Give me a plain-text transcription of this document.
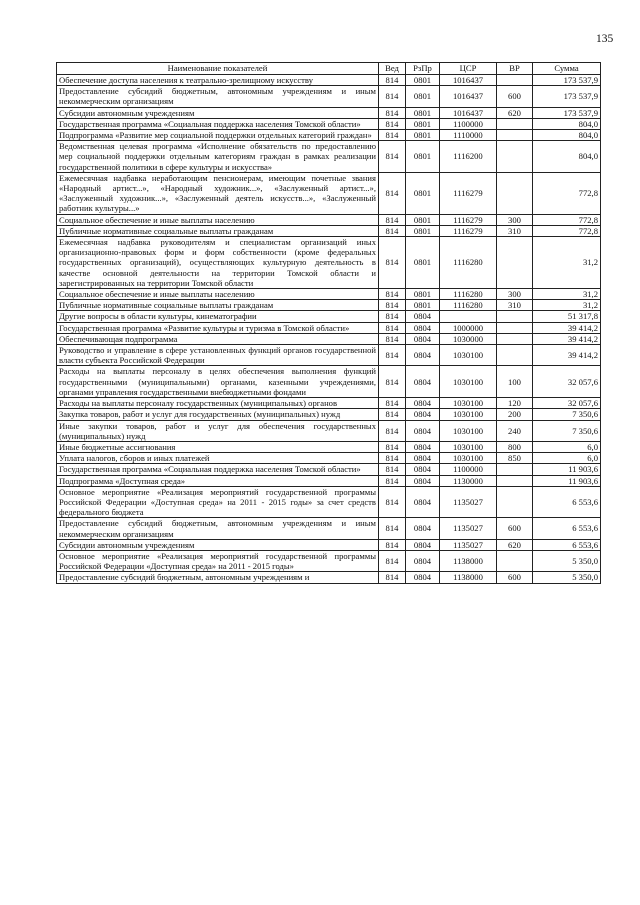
135
Наименование показателей	Вед	РзПр	ЦСР	ВР	Сумма
Обеспечение доступа населения к театрально-зрелищному искусству	814	0801	1016437		173 537,9
Предоставление субсидий бюджетным, автономным учреждениям и иным некоммерческим организациям	814	0801	1016437	600	173 537,9
Субсидии автономным учреждениям	814	0801	1016437	620	173 537,9
Государственная программа «Социальная поддержка населения Томской области»	814	0801	1100000		804,0
Подпрограмма «Развитие мер социальной поддержки отдельных категорий граждан»	814	0801	1110000		804,0
Ведомственная целевая программа «Исполнение обязательств по предоставлению мер социальной поддержки отдельным категориям граждан в рамках реализации государственной политики в сфере культуры и искусства»	814	0801	1116200		804,0
Ежемесячная надбавка неработающим пенсионерам, имеющим почетные звания «Народный артист...», «Народный художник...», «Заслуженный артист...», «Заслуженный художник...», «Заслуженный деятель искусств...», «Заслуженный работник культуры...»	814	0801	1116279		772,8
Социальное обеспечение и иные выплаты населению	814	0801	1116279	300	772,8
Публичные нормативные социальные выплаты гражданам	814	0801	1116279	310	772,8
Ежемесячная надбавка руководителям и специалистам организаций иных организационно-правовых форм и форм собственности (кроме федеральных государственных организаций), осуществляющих культурную деятельность в качестве основной деятельности на территории Томской области и зарегистрированных на территории Томской области	814	0801	1116280		31,2
Социальное обеспечение и иные выплаты населению	814	0801	1116280	300	31,2
Публичные нормативные социальные выплаты гражданам	814	0801	1116280	310	31,2
Другие вопросы в области культуры, кинематографии	814	0804			51 317,8
Государственная программа «Развитие культуры и туризма в Томской области»	814	0804	1000000		39 414,2
Обеспечивающая подпрограмма	814	0804	1030000		39 414,2
Руководство и управление в сфере установленных функций органов государственной власти субъекта Российской Федерации	814	0804	1030100		39 414,2
Расходы на выплаты персоналу в целях обеспечения выполнения функций государственными (муниципальными) органами, казенными учреждениями, органами управления государственными внебюджетными фондами	814	0804	1030100	100	32 057,6
Расходы на выплаты персоналу государственных (муниципальных) органов	814	0804	1030100	120	32 057,6
Закупка товаров, работ и услуг для государственных (муниципальных) нужд	814	0804	1030100	200	7 350,6
Иные закупки товаров, работ и услуг для обеспечения государственных (муниципальных) нужд	814	0804	1030100	240	7 350,6
Иные бюджетные ассигнования	814	0804	1030100	800	6,0
Уплата налогов, сборов и иных платежей	814	0804	1030100	850	6,0
Государственная программа «Социальная поддержка населения Томской области»	814	0804	1100000		11 903,6
Подпрограмма «Доступная среда»	814	0804	1130000		11 903,6
Основное мероприятие «Реализация мероприятий государственной программы Российской Федерации «Доступная среда» на 2011 - 2015 годы» за счет средств федерального бюджета	814	0804	1135027		6 553,6
Предоставление субсидий бюджетным, автономным учреждениям и иным некоммерческим организациям	814	0804	1135027	600	6 553,6
Субсидии автономным учреждениям	814	0804	1135027	620	6 553,6
Основное мероприятие «Реализация мероприятий государственной программы Российской Федерации «Доступная среда» на 2011 - 2015 годы»	814	0804	1138000		5 350,0
Предоставление субсидий бюджетным, автономным учреждениям и	814	0804	1138000	600	5 350,0
